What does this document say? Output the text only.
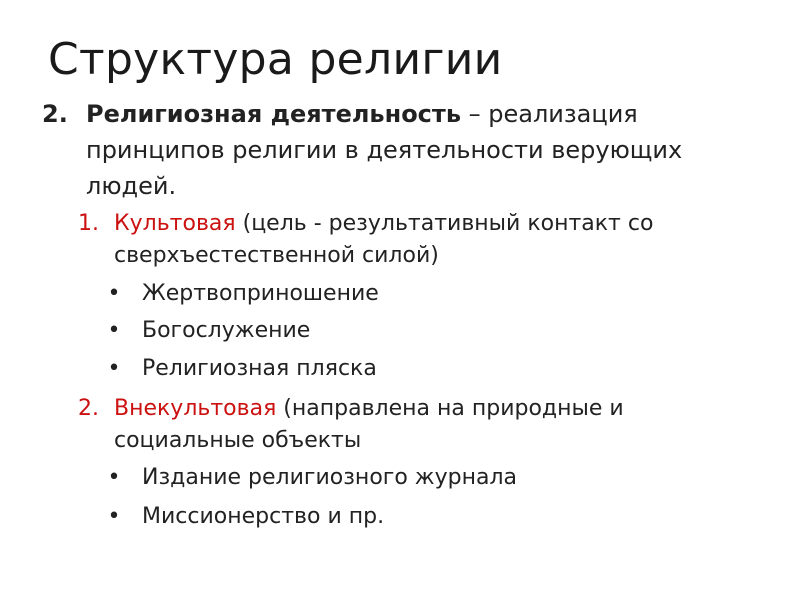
Структура религии
2. Религиозная деятельность – реализация принципов религии в деятельности верующих людей.
1. Культовая (цель - результативный контакт со сверхъестественной силой)
• Жертвоприношение
• Богослужение
• Религиозная пляска
2. Внекультовая (направлена на природные и социальные объекты
• Издание религиозного журнала
• Миссионерство и пр.
